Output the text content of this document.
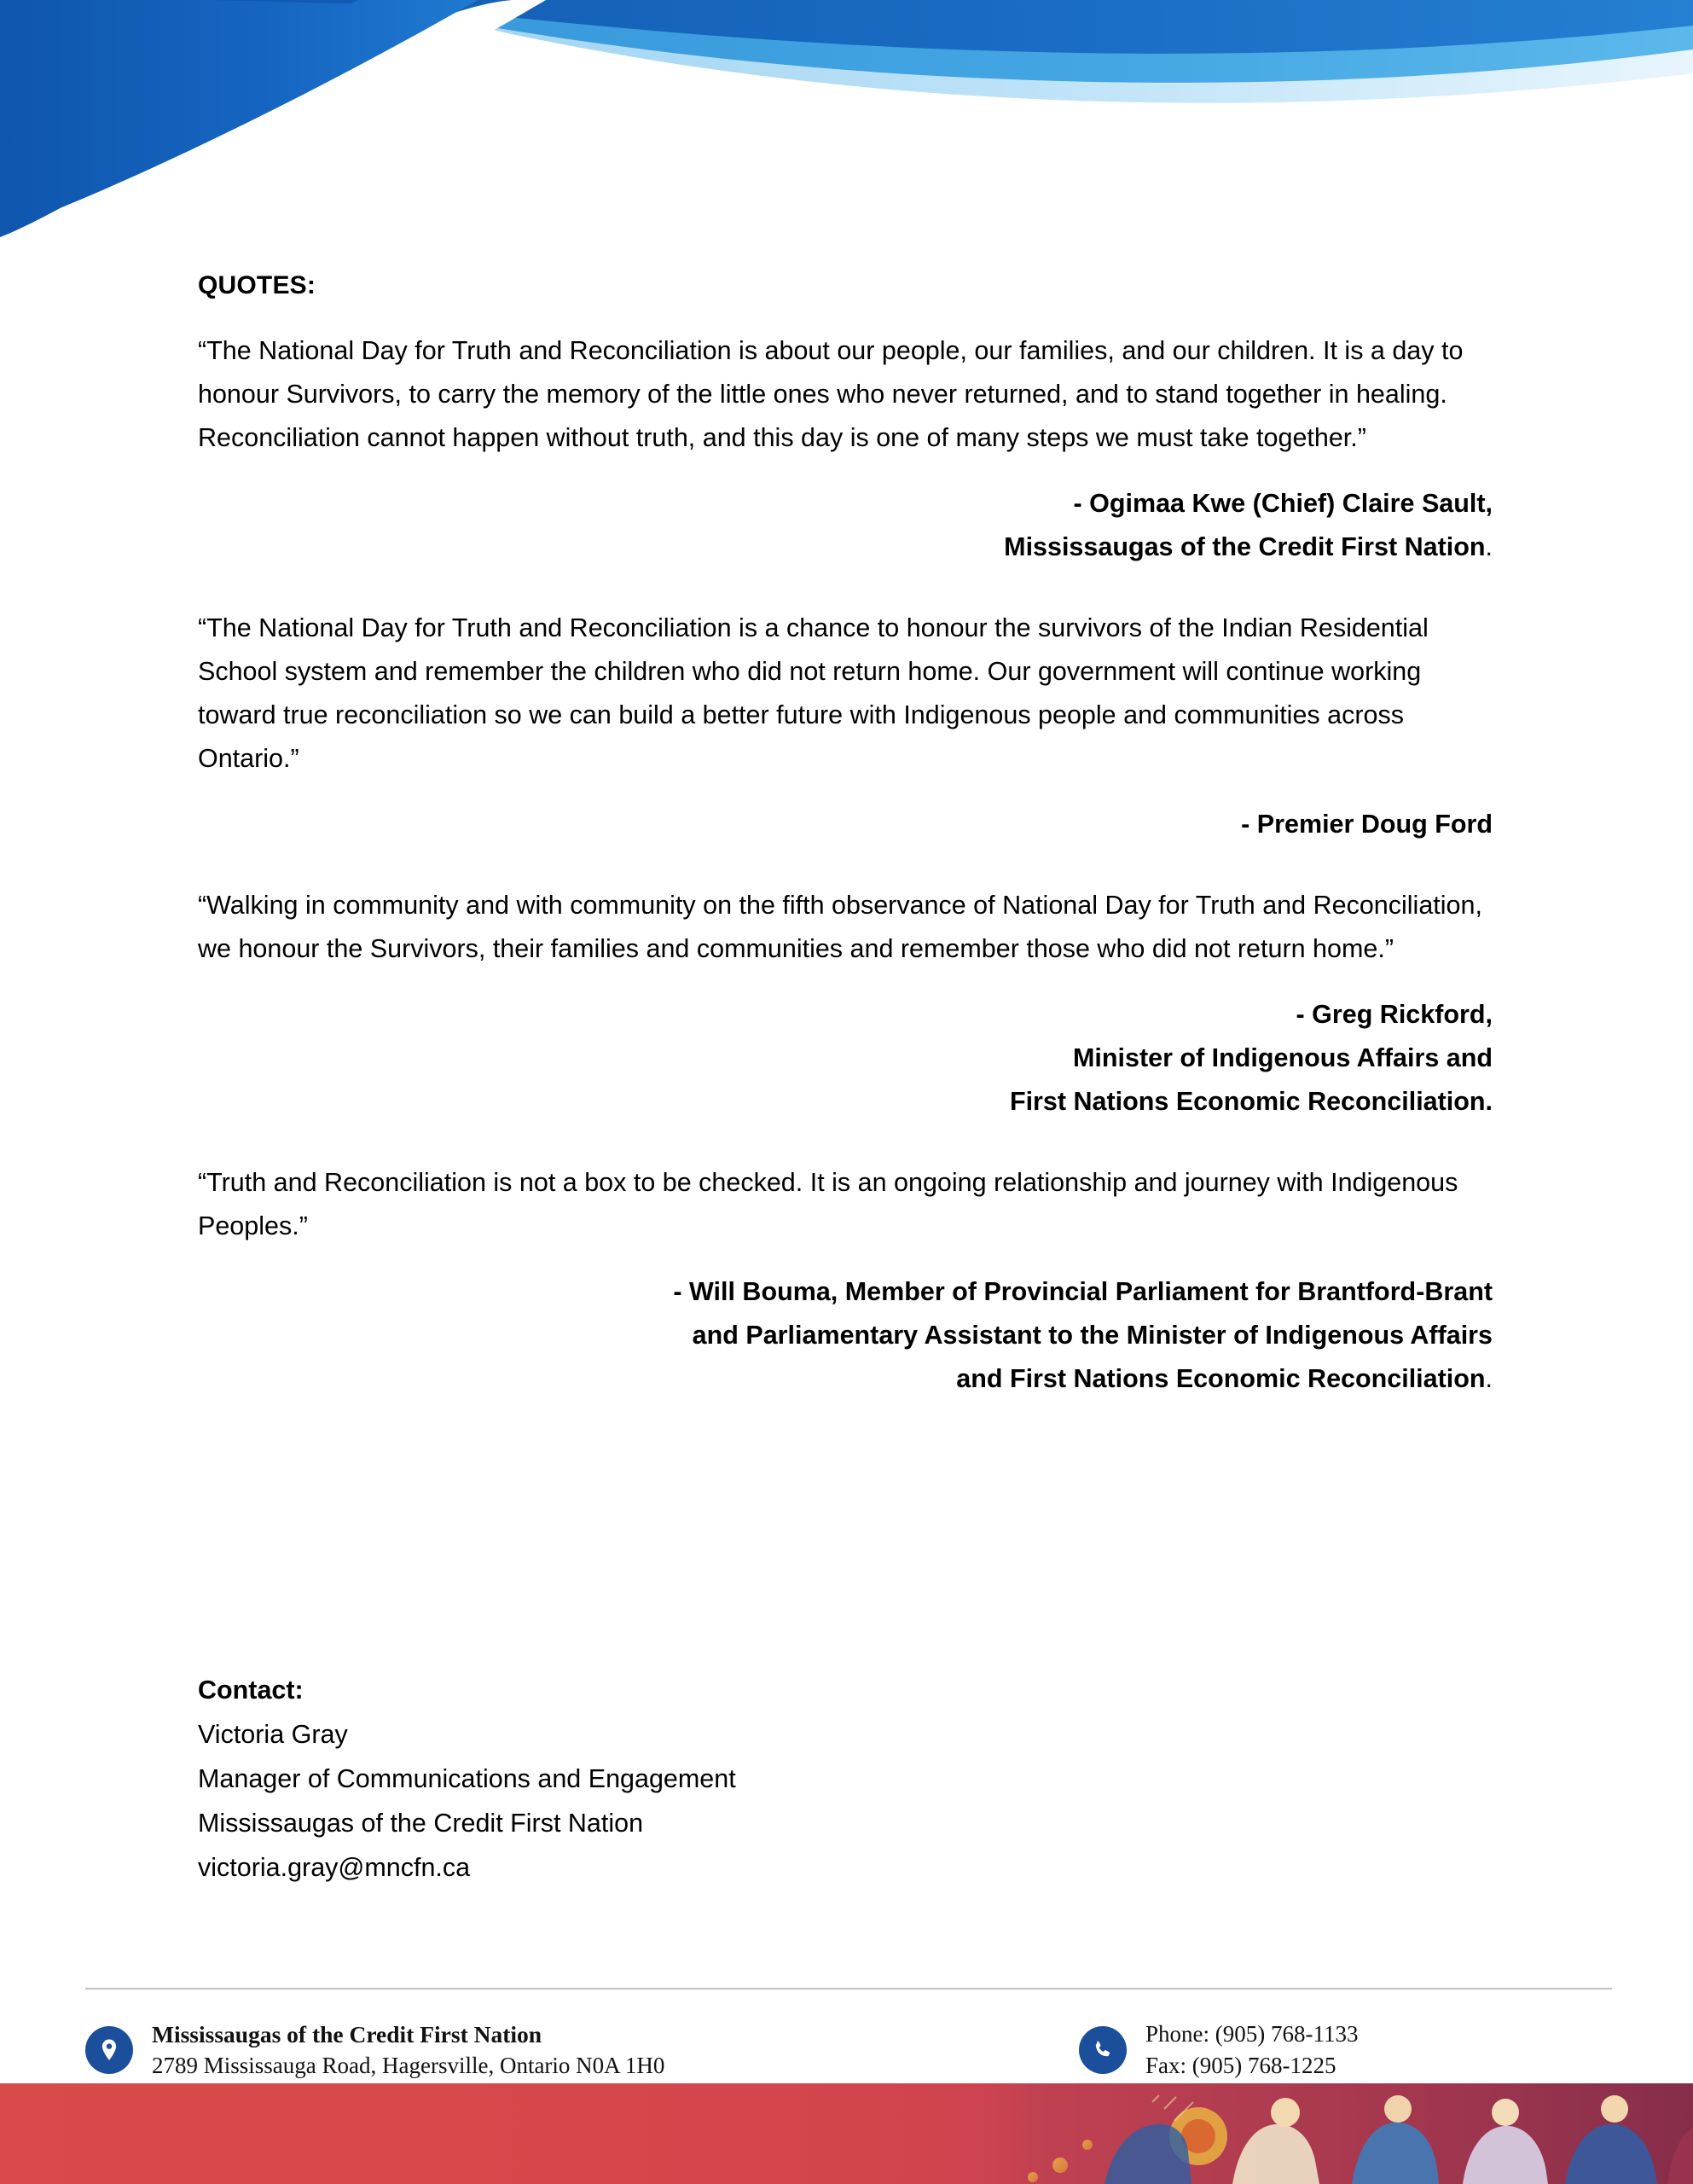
QUOTES:

“The National Day for Truth and Reconciliation is about our people, our families, and our children. It is a day to honour Survivors, to carry the memory of the little ones who never returned, and to stand together in healing. Reconciliation cannot happen without truth, and this day is one of many steps we must take together.”

- Ogimaa Kwe (Chief) Claire Sault,
Mississaugas of the Credit First Nation.

“The National Day for Truth and Reconciliation is a chance to honour the survivors of the Indian Residential School system and remember the children who did not return home. Our government will continue working toward true reconciliation so we can build a better future with Indigenous people and communities across Ontario.”

- Premier Doug Ford

“Walking in community and with community on the fifth observance of National Day for Truth and Reconciliation, we honour the Survivors, their families and communities and remember those who did not return home.”

- Greg Rickford,
Minister of Indigenous Affairs and
First Nations Economic Reconciliation.

“Truth and Reconciliation is not a box to be checked. It is an ongoing relationship and journey with Indigenous Peoples.”

- Will Bouma, Member of Provincial Parliament for Brantford-Brant
and Parliamentary Assistant to the Minister of Indigenous Affairs
and First Nations Economic Reconciliation.
Contact:
Victoria Gray
Manager of Communications and Engagement
Mississaugas of the Credit First Nation
victoria.gray@mncfn.ca
Mississaugas of the Credit First Nation
2789 Mississauga Road, Hagersville, Ontario N0A 1H0
Phone: (905) 768-1133
Fax: (905) 768-1225
